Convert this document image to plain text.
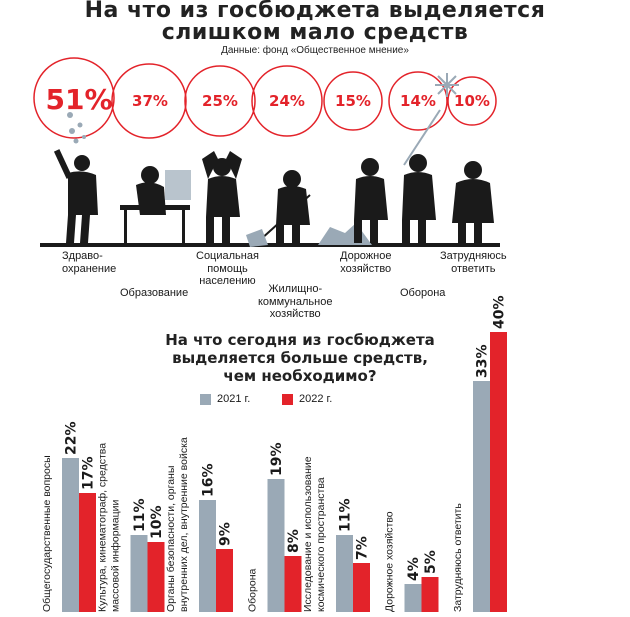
На что из госбюджета выделяется
слишком мало средств
Данные: фонд «Общественное мнение»
51%	37%	25%	24%	15%	14%	10%
Здраво-
охранение
Образование
Социальная
помощь
населению
Жилищно-
коммунальное
хозяйство
Дорожное
хозяйство
Оборона
Затрудняюсь
ответить
На что сегодня из госбюджета
выделяется больше средств,
чем необходимо?
2021 г.	2022 г.
Общегосударственные вопросы
22%
17% Культура, кинематограф, средства массовой информации 11% 10% Органы безопасности, органы внутренних дел, внутренние войска 16%
9%
Оборона
19%
8% Исследование и использование космического пространства 11%
7% Дорожное хозяйство 4% 5% Затрудняюсь ответить
33%
40%
